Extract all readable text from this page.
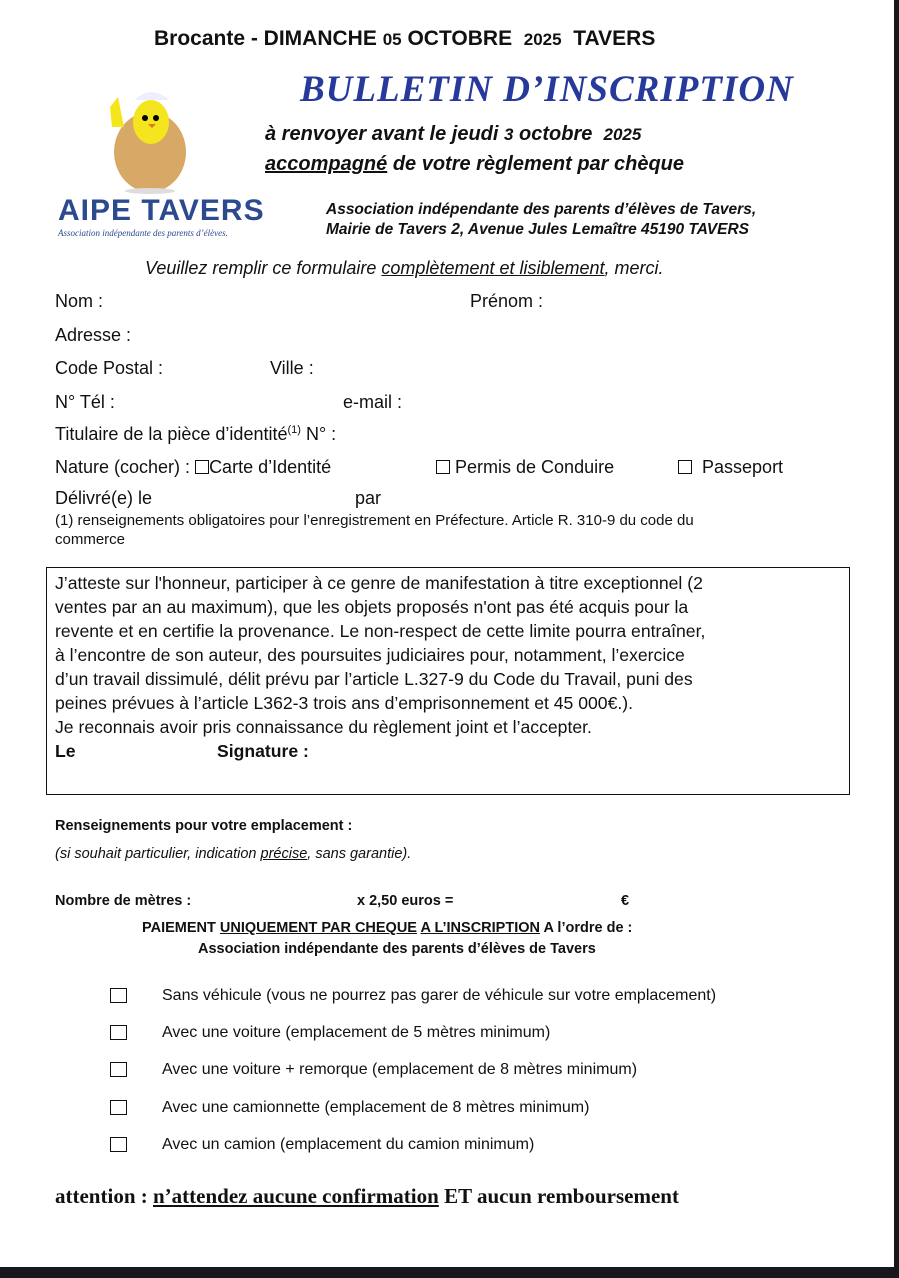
Brocante - DIMANCHE 05 OCTOBRE 2025 TAVERS
BULLETIN D’INSCRIPTION
AIPE TAVERS
Association indépendante des parents d’élèves.
à renvoyer avant le jeudi 3 octobre 2025
accompagné de votre règlement par chèque
Association indépendante des parents d’élèves de Tavers,
Mairie de Tavers 2, Avenue Jules Lemaître 45190 TAVERS
Veuillez remplir ce formulaire complètement et lisiblement, merci.
Nom :	Prénom :
Adresse :
Code Postal :	Ville :
N° Tél :	e-mail :
Titulaire de la pièce d’identité$^{(1)}$ N° :
Nature (cocher) : Carte d’Identité	Permis de Conduire	Passeport
Délivré(e) le	par
(1) renseignements obligatoires pour l’enregistrement en Préfecture. Article R. 310-9 du code du
commerce
J’atteste sur l'honneur, participer à ce genre de manifestation à titre exceptionnel (2
ventes par an au maximum), que les objets proposés n'ont pas été acquis pour la
revente et en certifie la provenance. Le non-respect de cette limite pourra entraîner,
à l’encontre de son auteur, des poursuites judiciaires pour, notamment, l’exercice
d’un travail dissimulé, délit prévu par l’article L.327-9 du Code du Travail, puni des
peines prévues à l’article L362-3 trois ans d’emprisonnement et 45 000€.).
Je reconnais avoir pris connaissance du règlement joint et l’accepter.
Le	Signature :
Renseignements pour votre emplacement :
(si souhait particulier, indication précise, sans garantie).
Nombre de mètres :	x 2,50 euros =	€
PAIEMENT UNIQUEMENT PAR CHEQUE A L’INSCRIPTION A l’ordre de :
Association indépendante des parents d’élèves de Tavers
Sans véhicule (vous ne pourrez pas garer de véhicule sur votre emplacement)
Avec une voiture (emplacement de 5 mètres minimum)
Avec une voiture + remorque (emplacement de 8 mètres minimum)
Avec une camionnette (emplacement de 8 mètres minimum)
Avec un camion (emplacement du camion minimum)
attention : n’attendez aucune confirmation ET aucun remboursement
